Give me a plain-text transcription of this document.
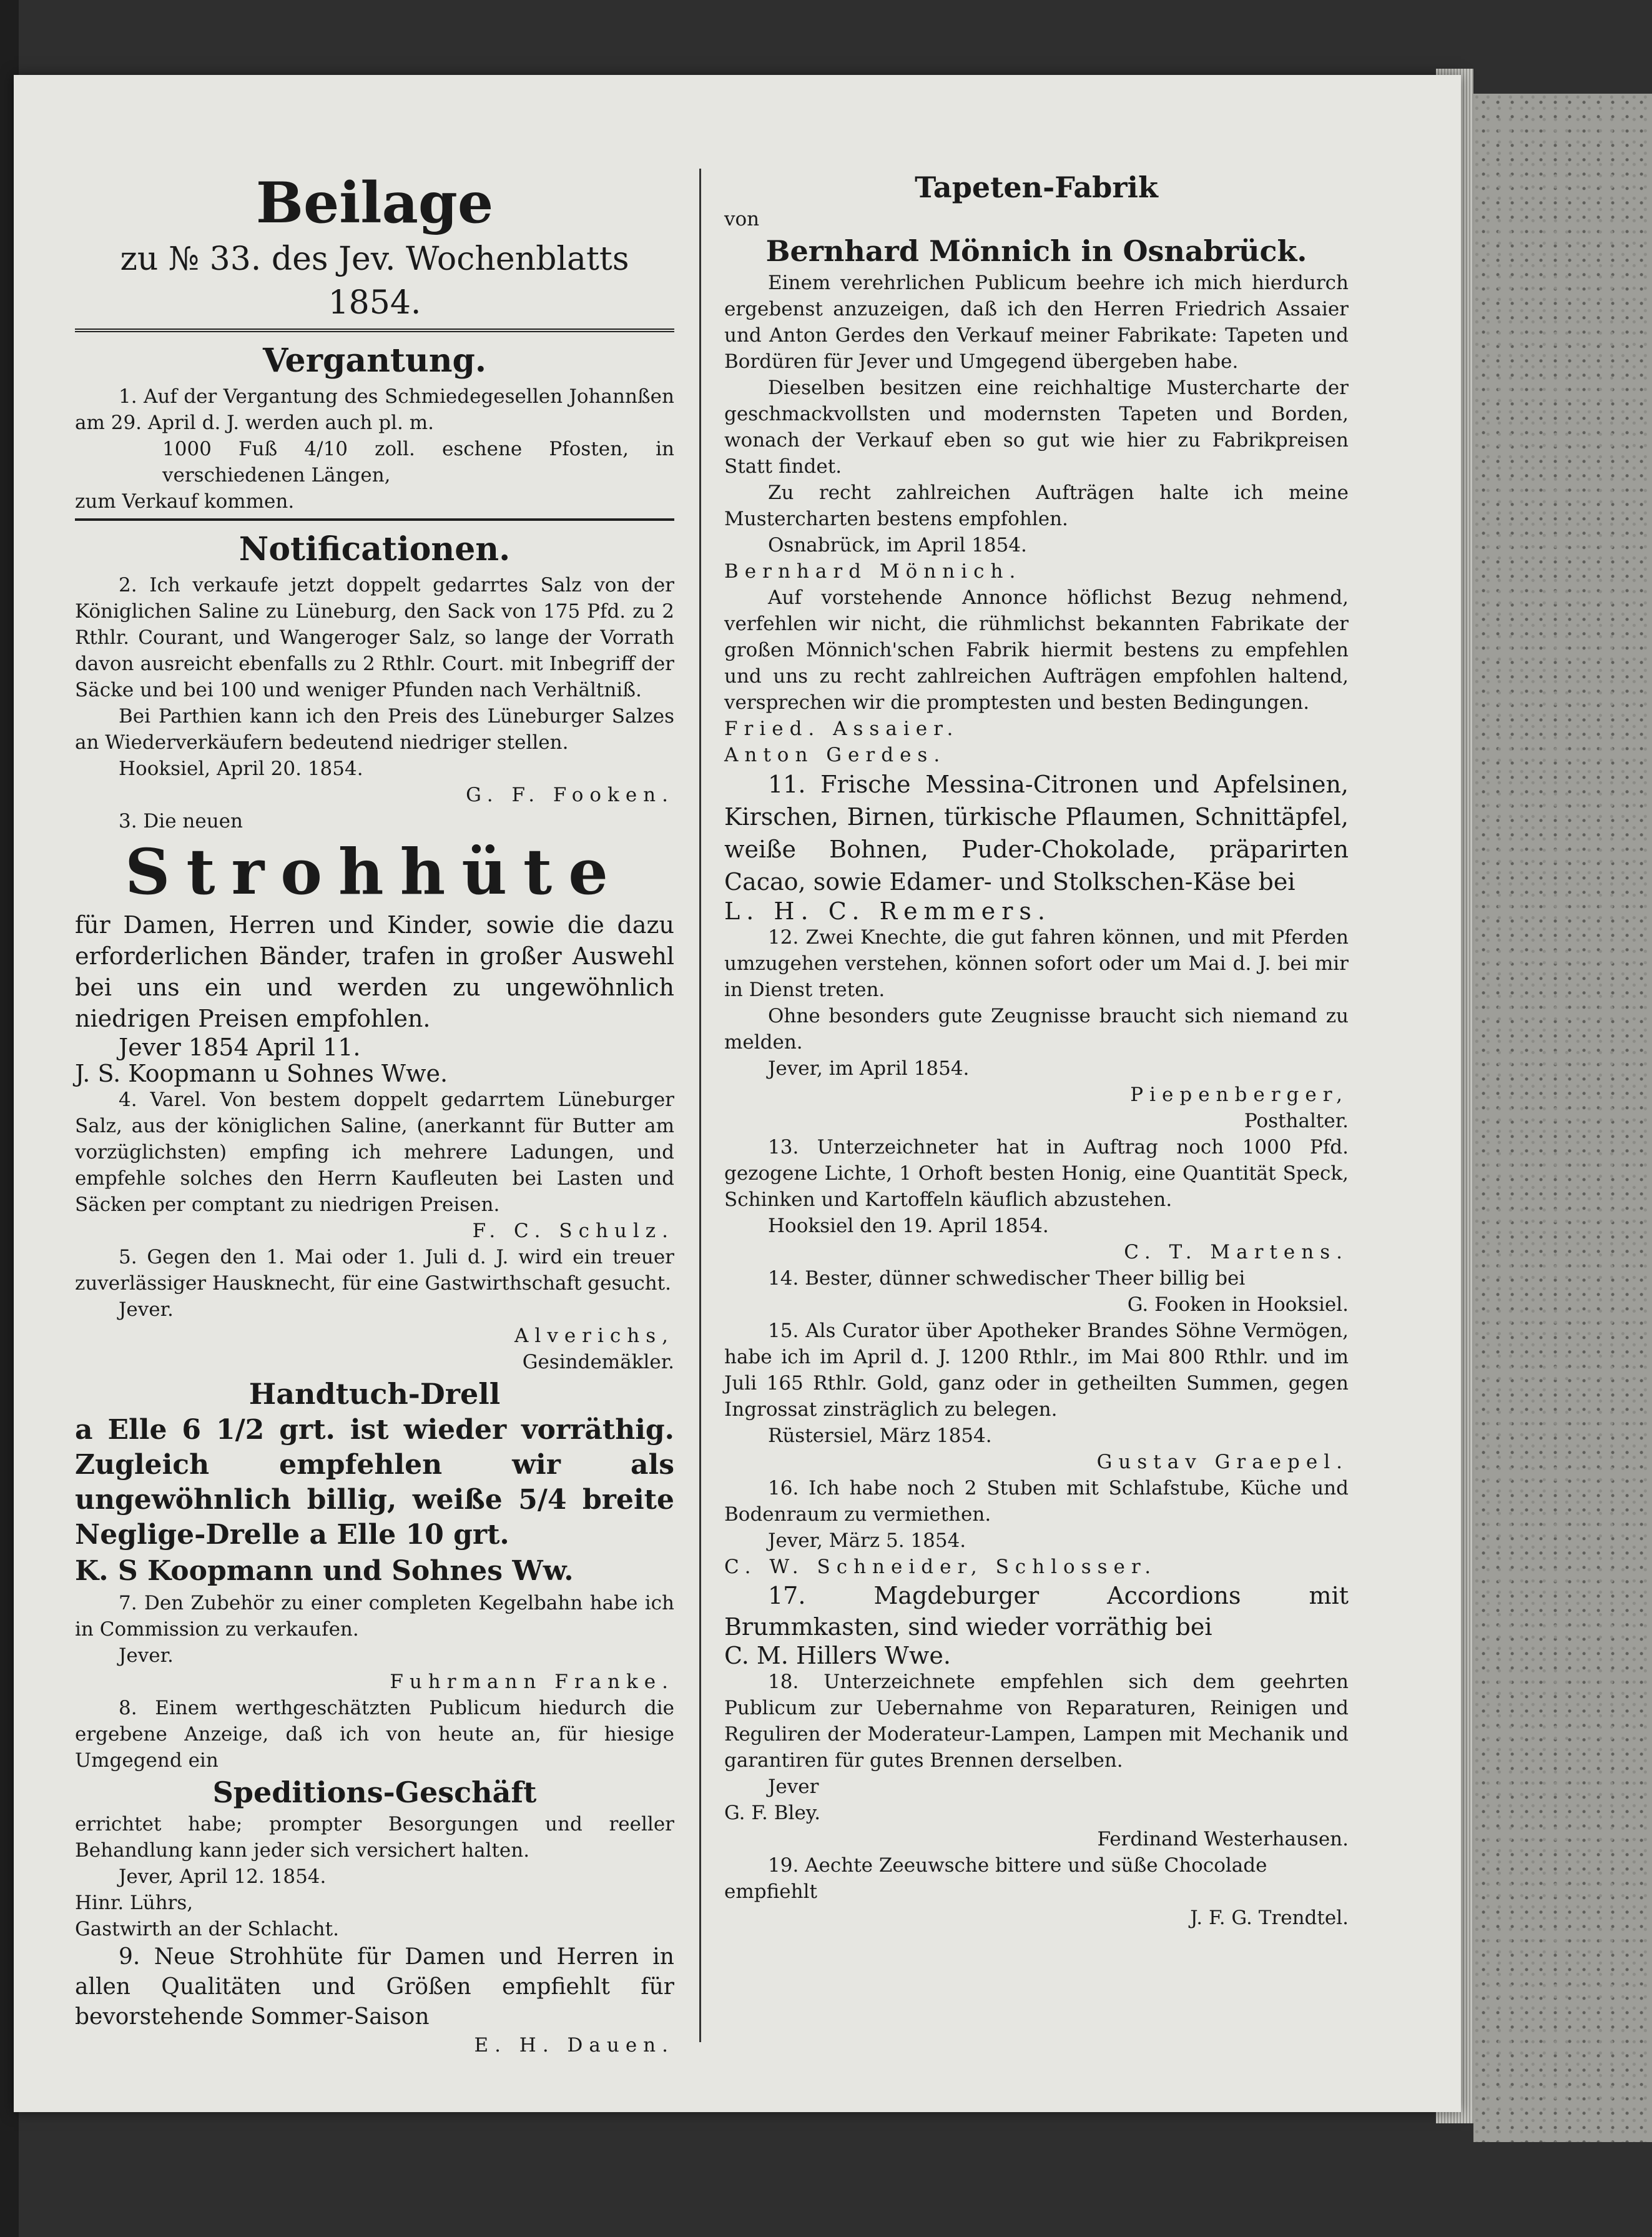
Beilage
zu № 33. des Jev. Wochenblatts 1854.
Vergantung.

1. Auf der Vergantung des Schmiedegesellen Johannßen am 29. April d. J. werden auch pl. m.

1000 Fuß 4/10 zoll. eschene Pfosten, in verschiedenen Längen,

zum Verkauf kommen.

Notificationen.

2. Ich verkaufe jetzt doppelt gedarrtes Salz von der Königlichen Saline zu Lüneburg, den Sack von 175 Pfd. zu 2 Rthlr. Courant, und Wangeroger Salz, so lange der Vorrath davon ausreicht ebenfalls zu 2 Rthlr. Court. mit Inbegriff der Säcke und bei 100 und weniger Pfunden nach Verhältniß.

Bei Parthien kann ich den Preis des Lüneburger Salzes an Wiederverkäufern bedeutend niedriger stellen.

Hooksiel, April 20. 1854.

G. F. Fooken.

3. Die neuen

Strohhüte

für Damen, Herren und Kinder, sowie die dazu erforderlichen Bänder, trafen in großer Auswehl bei uns ein und werden zu ungewöhnlich niedrigen Preisen empfohlen.

Jever 1854 April 11.

J. S. Koopmann u Sohnes Wwe.

4. Varel. Von bestem doppelt gedarrtem Lüneburger Salz, aus der königlichen Saline, (anerkannt für Butter am vorzüglichsten) empfing ich mehrere Ladungen, und empfehle solches den Herrn Kaufleuten bei Lasten und Säcken per comptant zu niedrigen Preisen.

F. C. Schulz.

5. Gegen den 1. Mai oder 1. Juli d. J. wird ein treuer zuverlässiger Hausknecht, für eine Gastwirthschaft gesucht.

Jever.

Alverichs,

Gesindemäkler.

Handtuch-Drell

a Elle 6 1/2 grt. ist wieder vorräthig. Zugleich empfehlen wir als ungewöhnlich billig, weiße 5/4 breite Neglige-Drelle a Elle 10 grt.

K. S Koopmann und Sohnes Ww.

7. Den Zubehör zu einer completen Kegelbahn habe ich in Commission zu verkaufen.

Jever.

Fuhrmann Franke.

8. Einem werthgeschätzten Publicum hiedurch die ergebene Anzeige, daß ich von heute an, für hiesige Umgegend ein

Speditions-Geschäft

errichtet habe; prompter Besorgungen und reeller Behandlung kann jeder sich versichert halten.

Jever, April 12. 1854.

Hinr. Lührs,

Gastwirth an der Schlacht.

9. Neue Strohhüte für Damen und Herren in allen Qualitäten und Größen empfiehlt für bevorstehende Sommer-Saison

E. H. Dauen.

Tapeten-Fabrik
von
Bernhard Mönnich in Osnabrück.

Einem verehrlichen Publicum beehre ich mich hierdurch ergebenst anzuzeigen, daß ich den Herren Friedrich Assaier und Anton Gerdes den Verkauf meiner Fabrikate: Tapeten und Bordüren für Jever und Umgegend übergeben habe.

Dieselben besitzen eine reichhaltige Mustercharte der geschmackvollsten und modernsten Tapeten und Borden, wonach der Verkauf eben so gut wie hier zu Fabrikpreisen Statt findet.

Zu recht zahlreichen Aufträgen halte ich meine Mustercharten bestens empfohlen.

Osnabrück, im April 1854.

Bernhard Mönnich.

Auf vorstehende Annonce höflichst Bezug nehmend, verfehlen wir nicht, die rühmlichst bekannten Fabrikate der großen Mönnich'schen Fabrik hiermit bestens zu empfehlen und uns zu recht zahlreichen Aufträgen empfohlen haltend, versprechen wir die promptesten und besten Bedingungen.

Fried. Assaier.

Anton Gerdes.

11. Frische Messina-Citronen und Apfelsinen, Kirschen, Birnen, türkische Pflaumen, Schnittäpfel, weiße Bohnen, Puder-Chokolade, präparirten Cacao, sowie Edamer- und Stolkschen-Käse bei

L. H. C. Remmers.

12. Zwei Knechte, die gut fahren können, und mit Pferden umzugehen verstehen, können sofort oder um Mai d. J. bei mir in Dienst treten.

Ohne besonders gute Zeugnisse braucht sich niemand zu melden.

Jever, im April 1854.

Piepenberger,

Posthalter.

13. Unterzeichneter hat in Auftrag noch 1000 Pfd. gezogene Lichte, 1 Orhoft besten Honig, eine Quantität Speck, Schinken und Kartoffeln käuflich abzustehen.

Hooksiel den 19. April 1854.

C. T. Martens.

14. Bester, dünner schwedischer Theer billig bei

G. Fooken in Hooksiel.

15. Als Curator über Apotheker Brandes Söhne Vermögen, habe ich im April d. J. 1200 Rthlr., im Mai 800 Rthlr. und im Juli 165 Rthlr. Gold, ganz oder in getheilten Summen, gegen Ingrossat zinsträglich zu belegen.

Rüstersiel, März 1854.

Gustav Graepel.

16. Ich habe noch 2 Stuben mit Schlafstube, Küche und Bodenraum zu vermiethen.

Jever, März 5. 1854.

C. W. Schneider, Schlosser.

17. Magdeburger Accordions mit Brummkasten, sind wieder vorräthig bei

C. M. Hillers Wwe.

18. Unterzeichnete empfehlen sich dem geehrten Publicum zur Uebernahme von Reparaturen, Reinigen und Reguliren der Moderateur-Lampen, Lampen mit Mechanik und garantiren für gutes Brennen derselben.

Jever

G. F. Bley.

Ferdinand Westerhausen.

19. Aechte Zeeuwsche bittere und süße Chocolade

empfiehlt

J. F. G. Trendtel.
